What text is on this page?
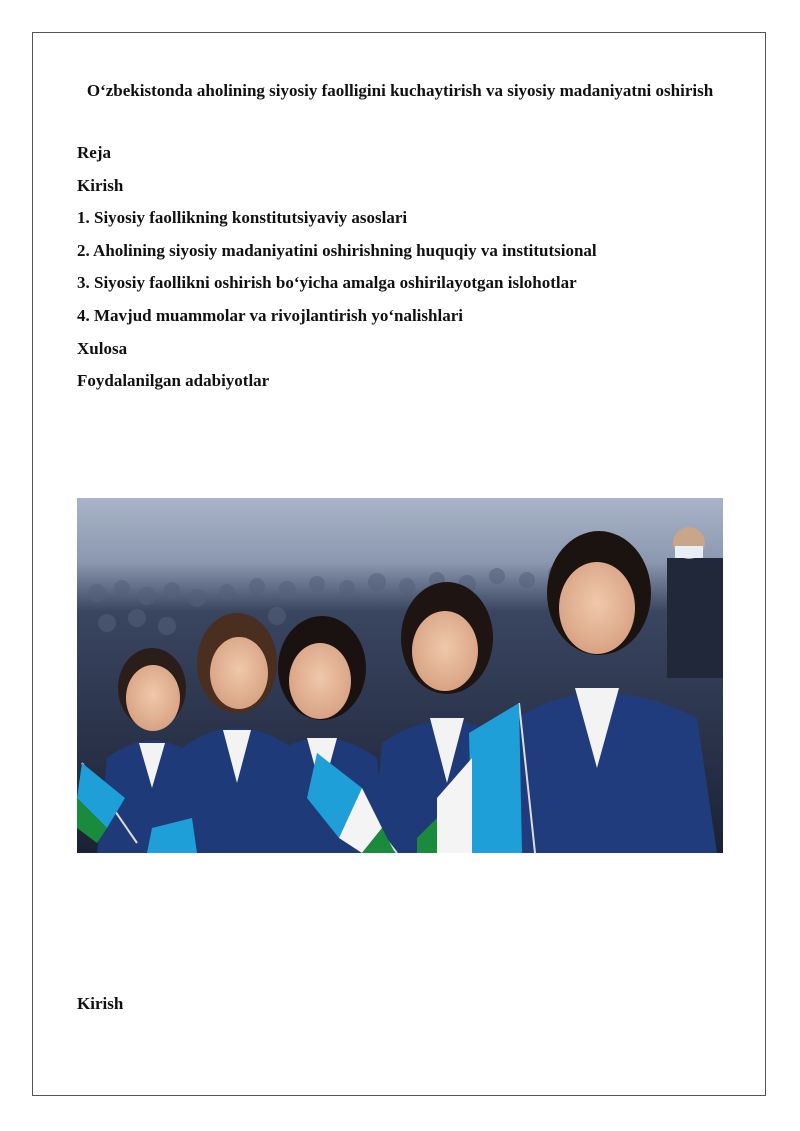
O‘zbekistonda aholining siyosiy faolligini kuchaytirish va siyosiy madaniyatni oshirish
Reja
Kirish
1. Siyosiy faollikning konstitutsiyaviy asoslari
2. Aholining siyosiy madaniyatini oshirishning huquqiy va institutsional
3. Siyosiy faollikni oshirish bo‘yicha amalga oshirilayotgan islohotlar
4. Mavjud muammolar va rivojlantirish yo‘nalishlari
Xulosa
Foydalanilgan adabiyotlar
Kirish
